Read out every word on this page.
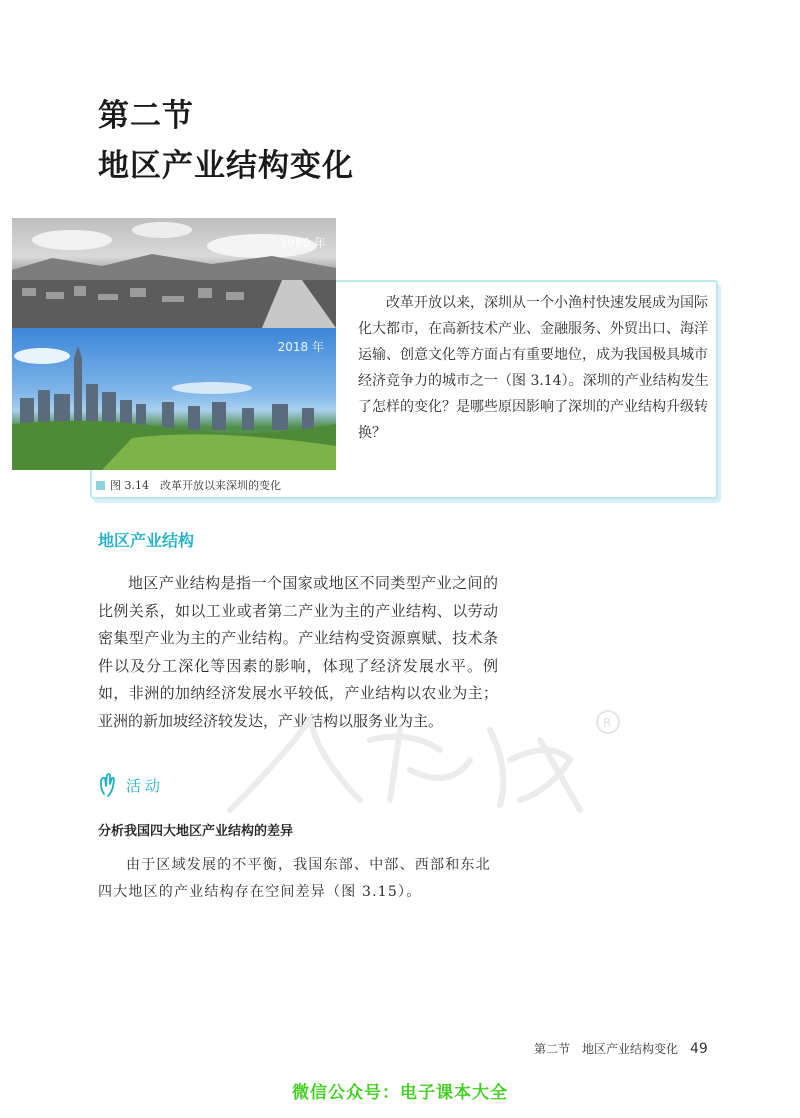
第二节
地区产业结构变化

改革开放以来，深圳从一个小渔村快速发展成为国际化大都市，在高新技术产业、金融服务、外贸出口、海洋运输、创意文化等方面占有重要地位，成为我国极具城市经济竞争力的城市之一（图 3.14）。深圳的产业结构发生了怎样的变化？是哪些原因影响了深圳的产业结构升级转换？

1980 年
2018 年
图 3.14　改革开放以来深圳的变化
地区产业结构

地区产业结构是指一个国家或地区不同类型产业之间的比例关系，如以工业或者第二产业为主的产业结构、以劳动密集型产业为主的产业结构。产业结构受资源禀赋、技术条件以及分工深化等因素的影响，体现了经济发展水平。例如，非洲的加纳经济发展水平较低，产业结构以农业为主；亚洲的新加坡经济较发达，产业结构以服务业为主。	R
活动
分析我国四大地区产业结构的差异

由于区域发展的不平衡，我国东部、中部、西部和东北四大地区的产业结构存在空间差异（图 3.15）。

第二节　地区产业结构变化 49
微信公众号：电子课本大全
